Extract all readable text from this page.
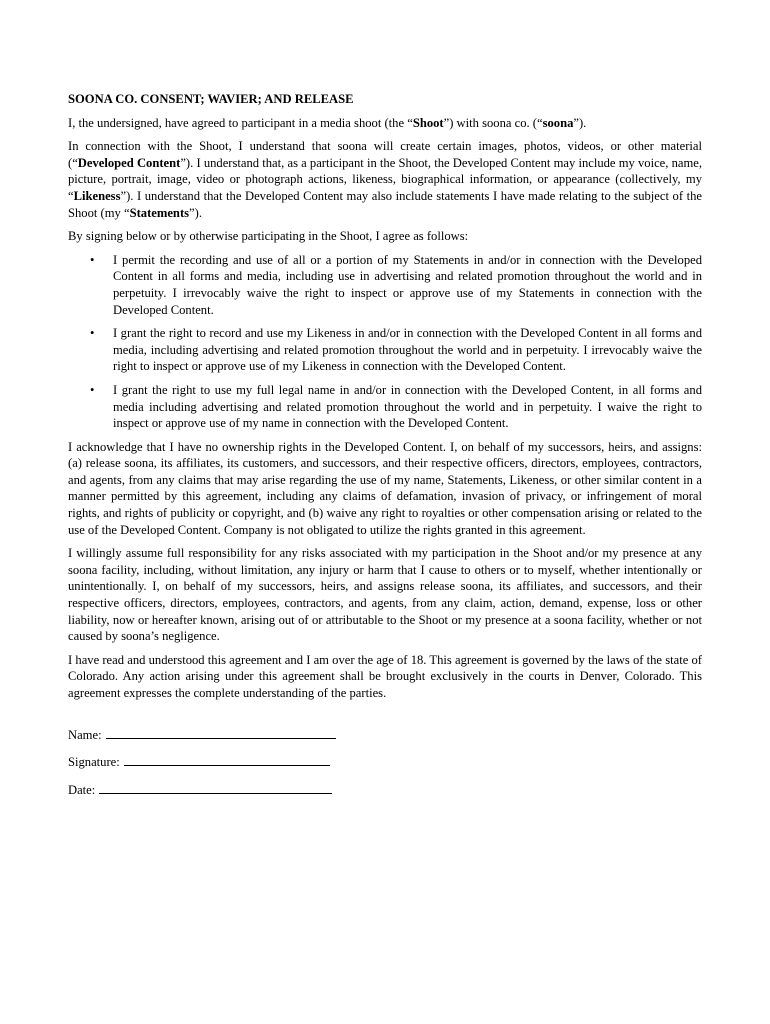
SOONA CO. CONSENT; WAVIER; AND RELEASE

I, the undersigned, have agreed to participant in a media shoot (the “Shoot”) with soona co. (“soona”).

In connection with the Shoot, I understand that soona will create certain images, photos, videos, or other material (“Developed Content”). I understand that, as a participant in the Shoot, the Developed Content may include my voice, name, picture, portrait, image, video or photograph actions, likeness, biographical information, or appearance (collectively, my “Likeness”). I understand that the Developed Content may also include statements I have made relating to the subject of the Shoot (my “Statements”).

By signing below or by otherwise participating in the Shoot, I agree as follows:

• I permit the recording and use of all or a portion of my Statements in and/or in connection with the Developed Content in all forms and media, including use in advertising and related promotion throughout the world and in perpetuity. I irrevocably waive the right to inspect or approve use of my Statements in connection with the Developed Content.
• I grant the right to record and use my Likeness in and/or in connection with the Developed Content in all forms and media, including advertising and related promotion throughout the world and in perpetuity. I irrevocably waive the right to inspect or approve use of my Likeness in connection with the Developed Content.
• I grant the right to use my full legal name in and/or in connection with the Developed Content, in all forms and media including advertising and related promotion throughout the world and in perpetuity. I waive the right to inspect or approve use of my name in connection with the Developed Content.

I acknowledge that I have no ownership rights in the Developed Content. I, on behalf of my successors, heirs, and assigns: (a) release soona, its affiliates, its customers, and successors, and their respective officers, directors, employees, contractors, and agents, from any claims that may arise regarding the use of my name, Statements, Likeness, or other similar content in a manner permitted by this agreement, including any claims of defamation, invasion of privacy, or infringement of moral rights, and rights of publicity or copyright, and (b) waive any right to royalties or other compensation arising or related to the use of the Developed Content. Company is not obligated to utilize the rights granted in this agreement.

I willingly assume full responsibility for any risks associated with my participation in the Shoot and/or my presence at any soona facility, including, without limitation, any injury or harm that I cause to others or to myself, whether intentionally or unintentionally. I, on behalf of my successors, heirs, and assigns release soona, its affiliates, and successors, and their respective officers, directors, employees, contractors, and agents, from any claim, action, demand, expense, loss or other liability, now or hereafter known, arising out of or attributable to the Shoot or my presence at a soona facility, whether or not caused by soona’s negligence.

I have read and understood this agreement and I am over the age of 18. This agreement is governed by the laws of the state of Colorado. Any action arising under this agreement shall be brought exclusively in the courts in Denver, Colorado. This agreement expresses the complete understanding of the parties.

Name:
Signature:
Date:
